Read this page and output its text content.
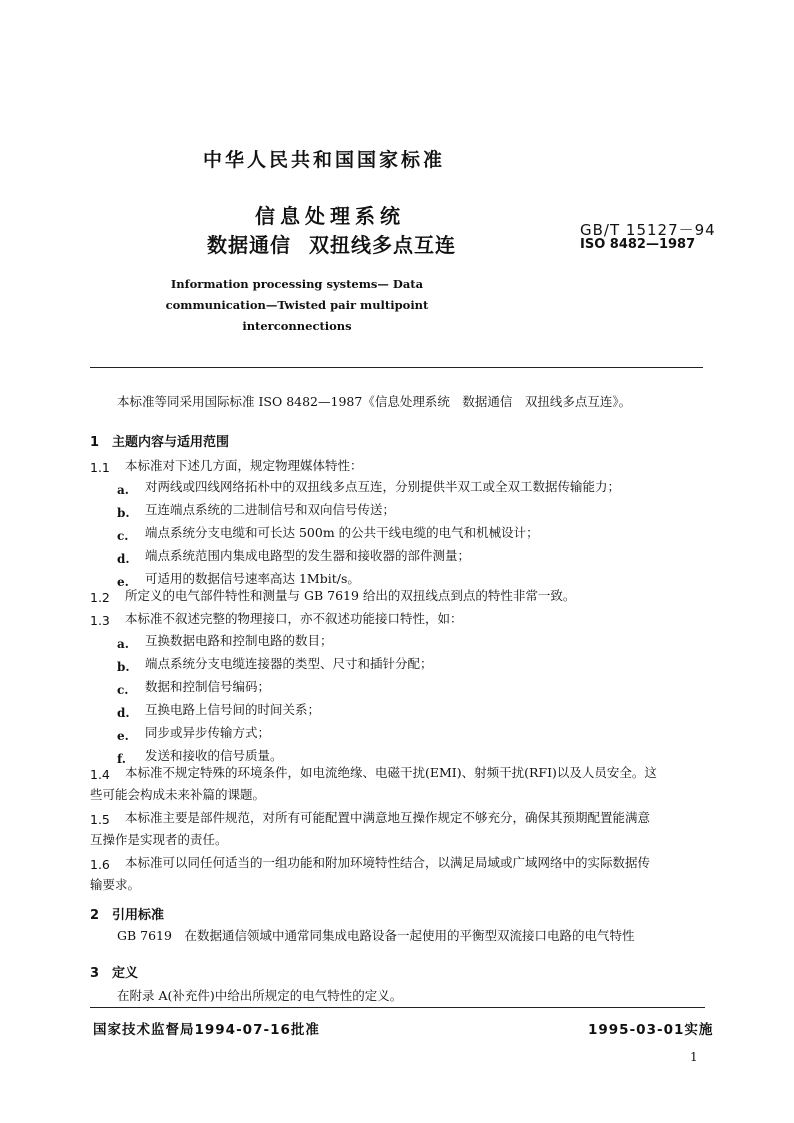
中华人民共和国国家标准
信息处理系统
数据通信 双扭线多点互连
GB/T 15127－94
ISO 8482—1987
Information processing systems— Data
communication—Twisted pair multipoint
interconnections
本标准等同采用国际标准 ISO 8482—1987《信息处理系统　数据通信　双扭线多点互连》。
1　主题内容与适用范围
1.1 本标准对下述几方面，规定物理媒体特性：
a. 对两线或四线网络拓朴中的双扭线多点互连，分别提供半双工或全双工数据传输能力；
b. 互连端点系统的二进制信号和双向信号传送；
c. 端点系统分支电缆和可长达 500m 的公共干线电缆的电气和机械设计；
d. 端点系统范围内集成电路型的发生器和接收器的部件测量；
e. 可适用的数据信号速率高达 1Mbit/s。
1.2 所定义的电气部件特性和测量与 GB 7619 给出的双扭线点到点的特性非常一致。
1.3 本标准不叙述完整的物理接口，亦不叙述功能接口特性，如：
a. 互换数据电路和控制电路的数目；
b. 端点系统分支电缆连接器的类型、尺寸和插针分配；
c. 数据和控制信号编码；
d. 互换电路上信号间的时间关系；
e. 同步或异步传输方式；
f. 发送和接收的信号质量。
1.4 本标准不规定特殊的环境条件，如电流绝缘、电磁干扰(EMI)、射频干扰(RFI)以及人员安全。这
些可能会构成未来补篇的课题。
1.5 本标准主要是部件规范，对所有可能配置中满意地互操作规定不够充分，确保其预期配置能满意
互操作是实现者的责任。
1.6 本标准可以同任何适当的一组功能和附加环境特性结合，以满足局域或广域网络中的实际数据传
输要求。
2　引用标准
GB 7619　在数据通信领域中通常同集成电路设备一起使用的平衡型双流接口电路的电气特性
3　定义
在附录 A(补充件)中给出所规定的电气特性的定义。
国家技术监督局1994-07-16批准	1995-03-01实施
1
